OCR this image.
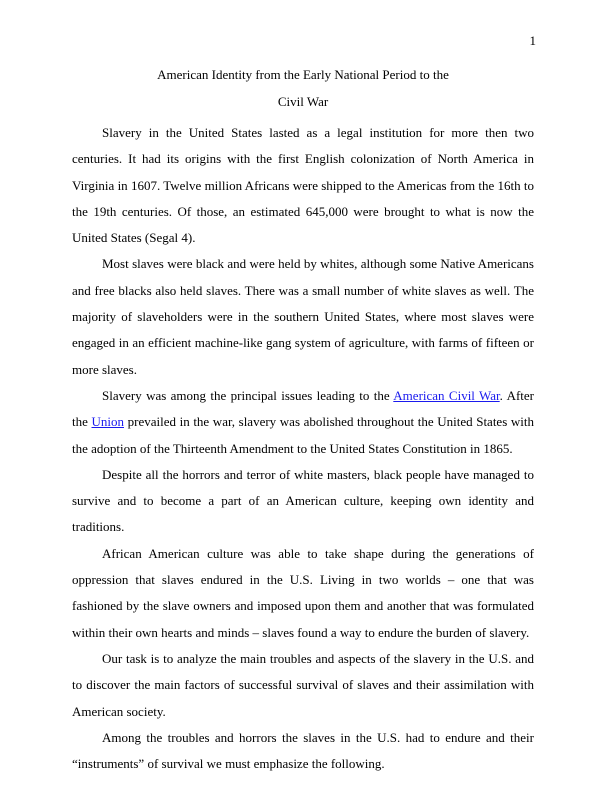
1
American Identity from the Early National Period to the
Civil War

Slavery in the United States lasted as a legal institution for more then two centuries. It had its origins with the first English colonization of North America in Virginia in 1607. Twelve million Africans were shipped to the Americas from the 16th to the 19th centuries. Of those, an estimated 645,000 were brought to what is now the United States (Segal 4).

Most slaves were black and were held by whites, although some Native Americans and free blacks also held slaves. There was a small number of white slaves as well. The majority of slaveholders were in the southern United States, where most slaves were engaged in an efficient machine-like gang system of agriculture, with farms of fifteen or more slaves.

Slavery was among the principal issues leading to the American Civil War. After the Union prevailed in the war, slavery was abolished throughout the United States with the adoption of the Thirteenth Amendment to the United States Constitution in 1865.

Despite all the horrors and terror of white masters, black people have managed to survive and to become a part of an American culture, keeping own identity and traditions.

African American culture was able to take shape during the generations of oppression that slaves endured in the U.S. Living in two worlds – one that was fashioned by the slave owners and imposed upon them and another that was formulated within their own hearts and minds – slaves found a way to endure the burden of slavery.

Our task is to analyze the main troubles and aspects of the slavery in the U.S. and to discover the main factors of successful survival of slaves and their assimilation with American society.

Among the troubles and horrors the slaves in the U.S. had to endure and their “instruments” of survival we must emphasize the following.
